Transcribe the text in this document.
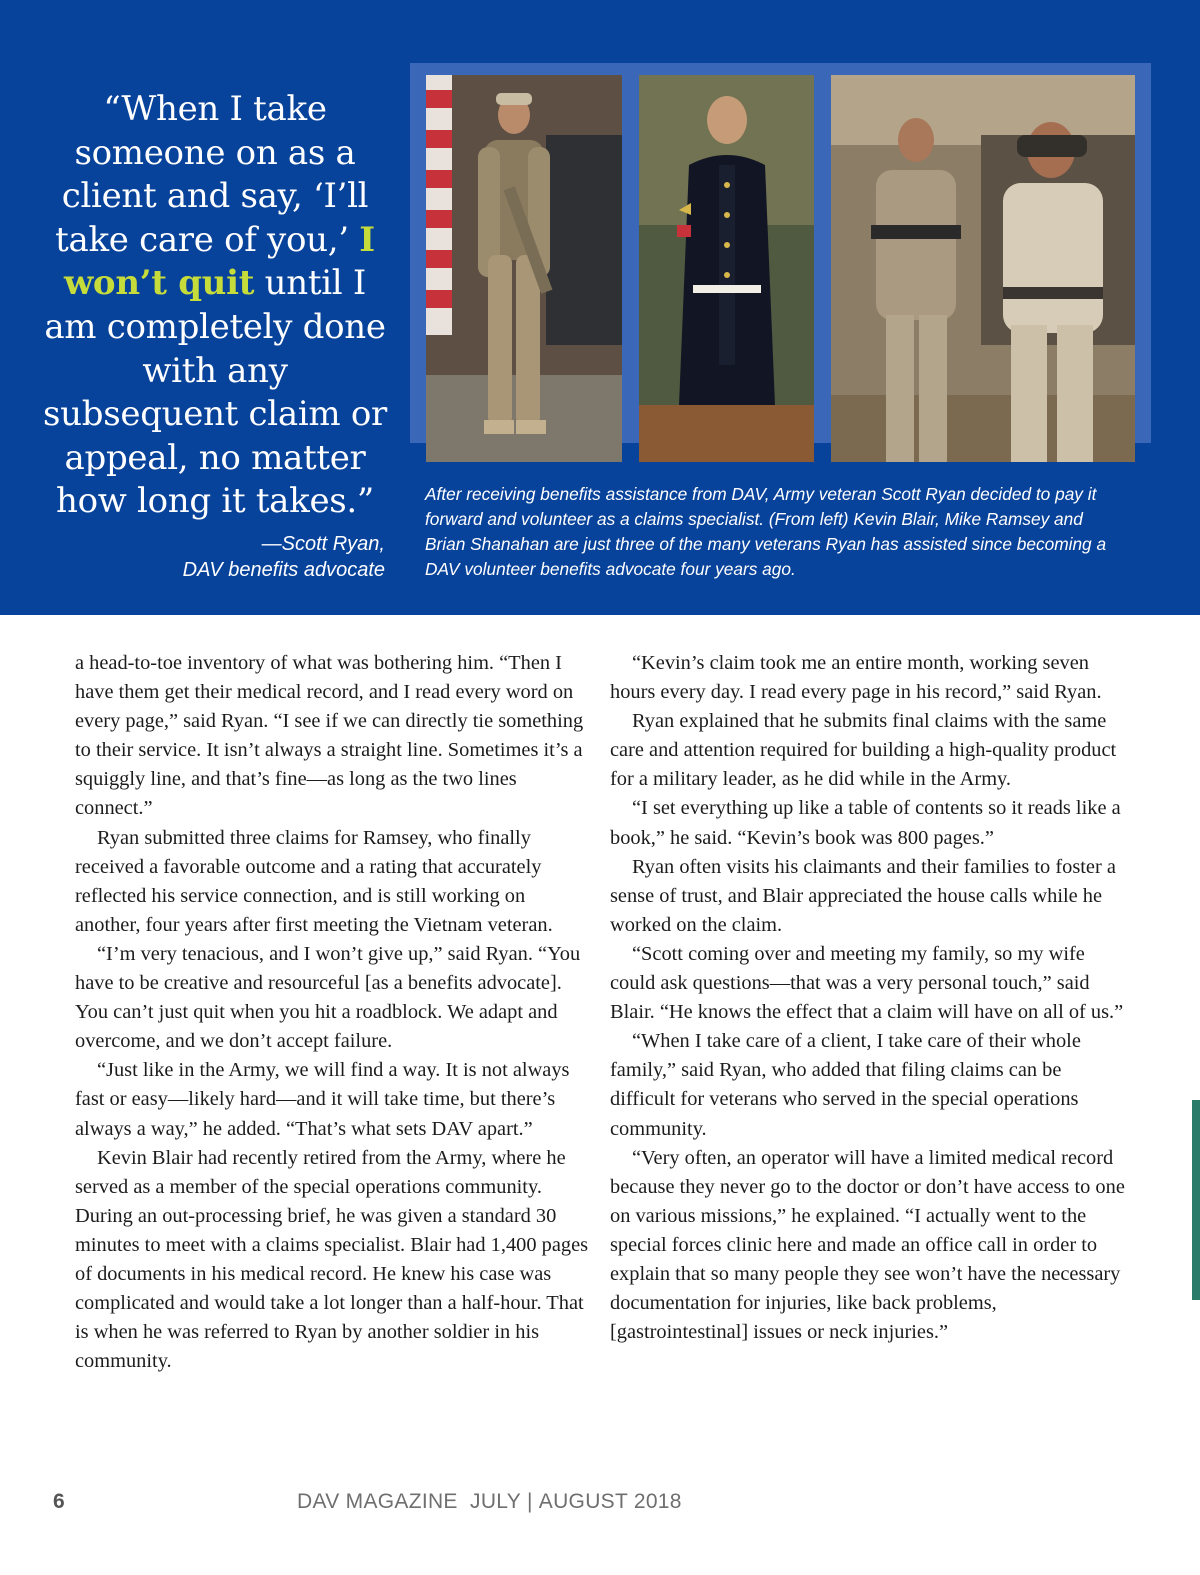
“When I take someone on as a client and say, ‘I’ll take care of you,’ I won’t quit until I am completely done with any subsequent claim or appeal, no matter how long it takes.”
—Scott Ryan,
DAV benefits advocate
After receiving benefits assistance from DAV, Army veteran Scott Ryan decided to pay it forward and volunteer as a claims specialist. (From left) Kevin Blair, Mike Ramsey and Brian Shanahan are just three of the many veterans Ryan has assisted since becoming a DAV volunteer benefits advocate four years ago.

a head-to-toe inventory of what was bothering him. “Then I have them get their medical record, and I read every word on every page,” said Ryan. “I see if we can directly tie something to their service. It isn’t always a straight line. Sometimes it’s a squiggly line, and that’s fine—as long as the two lines connect.”

Ryan submitted three claims for Ramsey, who finally received a favorable outcome and a rating that accurately reflected his service connection, and is still working on another, four years after first meeting the Vietnam veteran.

“I’m very tenacious, and I won’t give up,” said Ryan. “You have to be creative and resourceful [as a benefits advocate]. You can’t just quit when you hit a roadblock. We adapt and overcome, and we don’t accept failure.

“Just like in the Army, we will find a way. It is not always fast or easy—likely hard—and it will take time, but there’s always a way,” he added. “That’s what sets DAV apart.”

Kevin Blair had recently retired from the Army, where he served as a member of the special operations community. During an out-processing brief, he was given a standard 30 minutes to meet with a claims specialist. Blair had 1,400 pages of documents in his medical record. He knew his case was complicated and would take a lot longer than a half-hour. That is when he was referred to Ryan by another soldier in his community.

“Kevin’s claim took me an entire month, working seven hours every day. I read every page in his record,” said Ryan.

Ryan explained that he submits final claims with the same care and attention required for building a high-quality product for a military leader, as he did while in the Army.

“I set everything up like a table of contents so it reads like a book,” he said. “Kevin’s book was 800 pages.”

Ryan often visits his claimants and their families to foster a sense of trust, and Blair appreciated the house calls while he worked on the claim.

“Scott coming over and meeting my family, so my wife could ask questions—that was a very personal touch,” said Blair. “He knows the effect that a claim will have on all of us.”

“When I take care of a client, I take care of their whole family,” said Ryan, who added that filing claims can be difficult for veterans who served in the special operations community.

“Very often, an operator will have a limited medical record because they never go to the doctor or don’t have access to one on various missions,” he explained. “I actually went to the special forces clinic here and made an office call in order to explain that so many people they see won’t have the necessary documentation for injuries, like back problems, [gastrointestinal] issues or neck injuries.”

6	DAV MAGAZINE JULY | AUGUST 2018
